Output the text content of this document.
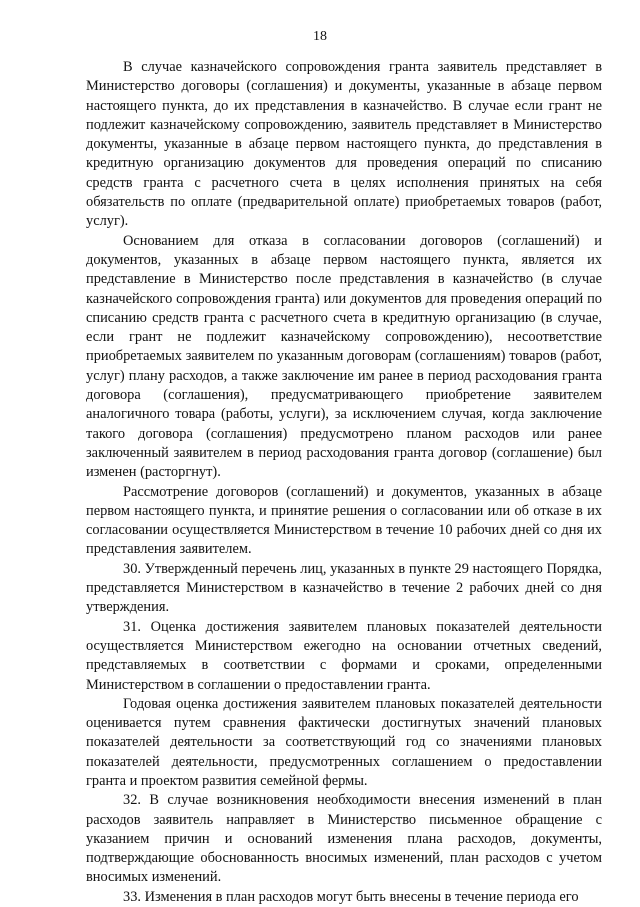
18

В случае казначейского сопровождения гранта заявитель представляет в Министерство договоры (соглашения) и документы, указанные в абзаце первом настоящего пункта, до их представления в казначейство. В случае если грант не подлежит казначейскому сопровождению, заявитель представляет в Министерство документы, указанные в абзаце первом настоящего пункта, до представления в кредитную организацию документов для проведения операций по списанию средств гранта с расчетного счета в целях исполнения принятых на себя обязательств по оплате (предварительной оплате) приобретаемых товаров (работ, услуг).

Основанием для отказа в согласовании договоров (соглашений) и документов, указанных в абзаце первом настоящего пункта, является их представление в Министерство после представления в казначейство (в случае казначейского сопровождения гранта) или документов для проведения операций по списанию средств гранта с расчетного счета в кредитную организацию (в случае, если грант не подлежит казначейскому сопровождению), несоответствие приобретаемых заявителем по указанным договорам (соглашениям) товаров (работ, услуг) плану расходов, а также заключение им ранее в период расходования гранта договора (соглашения), предусматривающего приобретение заявителем аналогичного товара (работы, услуги), за исключением случая, когда заключение такого договора (соглашения) предусмотрено планом расходов или ранее заключенный заявителем в период расходования гранта договор (соглашение) был изменен (расторгнут).

Рассмотрение договоров (соглашений) и документов, указанных в абзаце первом настоящего пункта, и принятие решения о согласовании или об отказе в их согласовании осуществляется Министерством в течение 10 рабочих дней со дня их представления заявителем.

30. Утвержденный перечень лиц, указанных в пункте 29 настоящего Порядка, представляется Министерством в казначейство в течение 2 рабочих дней со дня утверждения.

31. Оценка достижения заявителем плановых показателей деятельности осуществляется Министерством ежегодно на основании отчетных сведений, представляемых в соответствии с формами и сроками, определенными Министерством в соглашении о предоставлении гранта.

Годовая оценка достижения заявителем плановых показателей деятельности оценивается путем сравнения фактически достигнутых значений плановых показателей деятельности за соответствующий год со значениями плановых показателей деятельности, предусмотренных соглашением о предоставлении гранта и проектом развития семейной фермы.

32. В случае возникновения необходимости внесения изменений в план расходов заявитель направляет в Министерство письменное обращение с указанием причин и оснований изменения плана расходов, документы, подтверждающие обоснованность вносимых изменений, план расходов с учетом вносимых изменений.

33. Изменения в план расходов могут быть внесены в течение периода его
